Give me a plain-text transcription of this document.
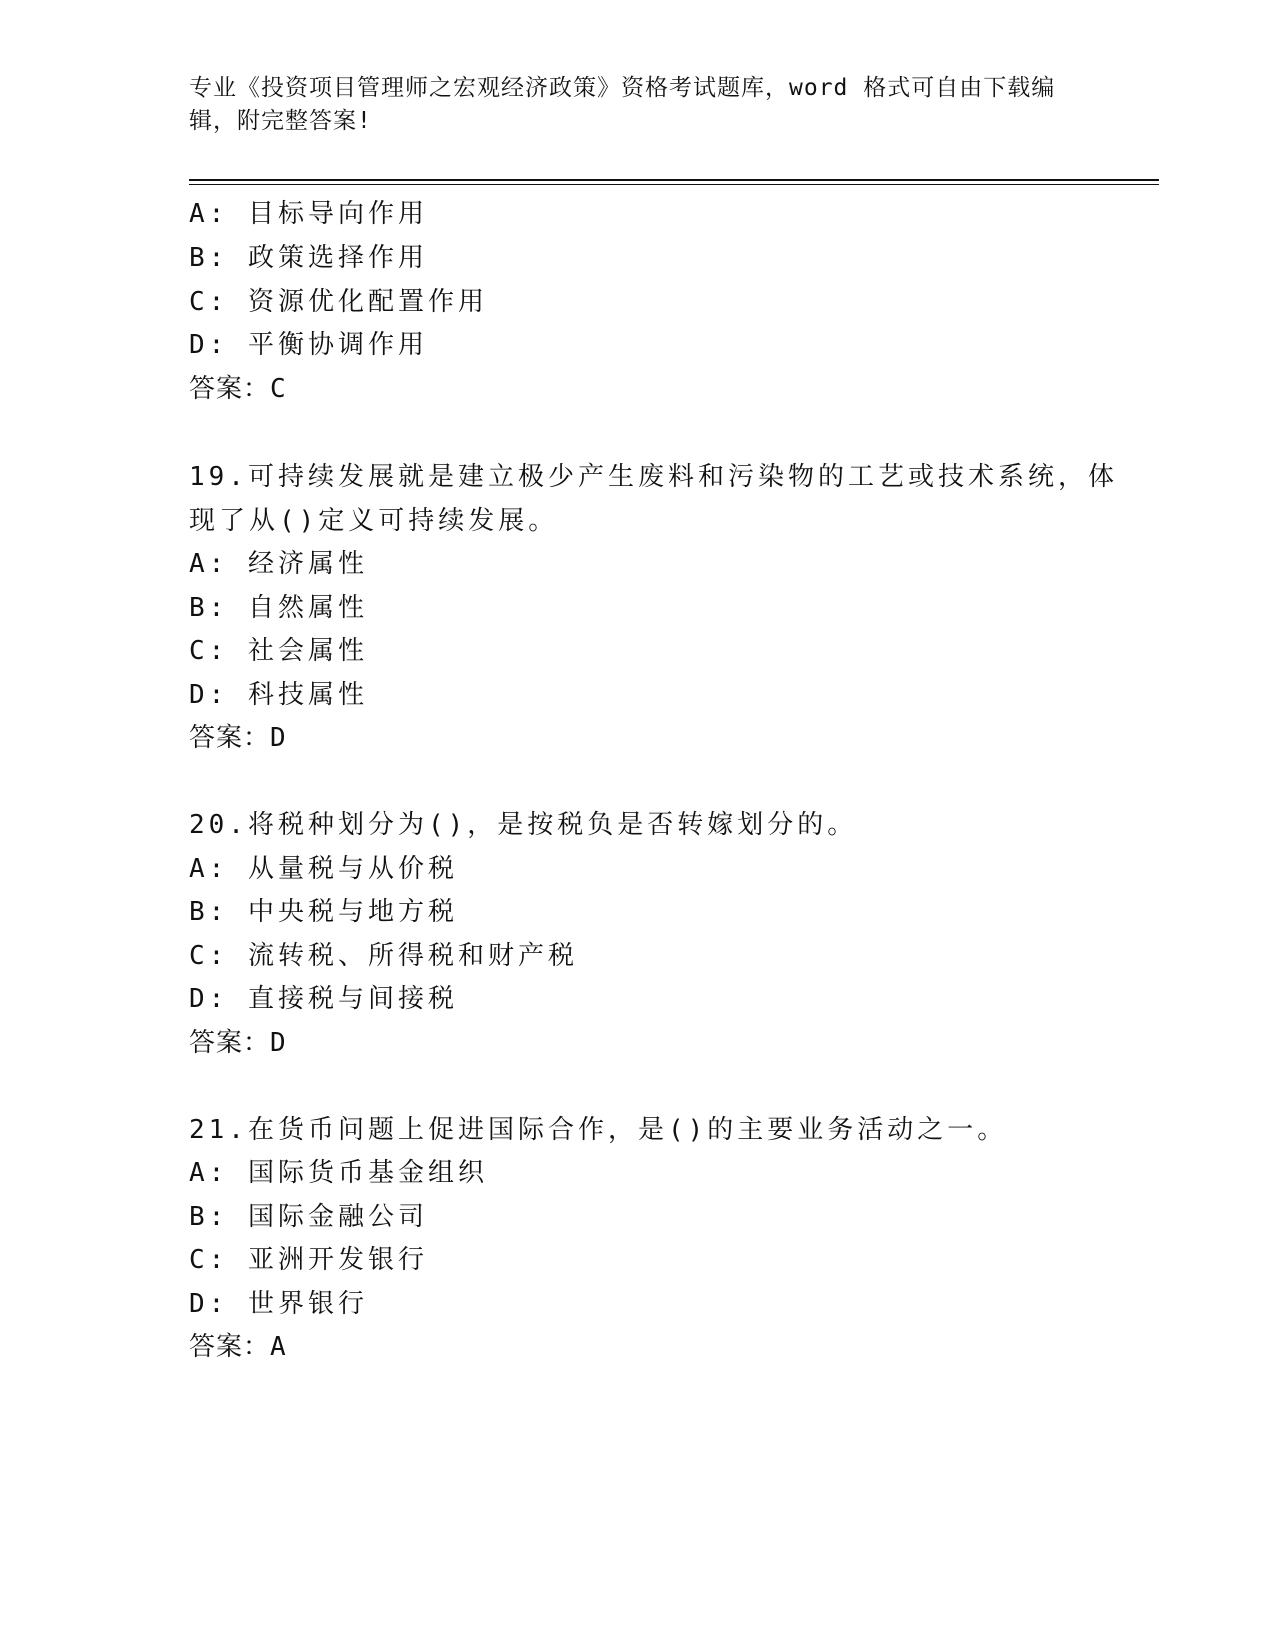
专业《投资项目管理师之宏观经济政策》资格考试题库，word 格式可自由下载编
辑，附完整答案!
A: 目标导向作用
B: 政策选择作用
C: 资源优化配置作用
D: 平衡协调作用
答案：C
19.可持续发展就是建立极少产生废料和污染物的工艺或技术系统，体
现了从()定义可持续发展。
A: 经济属性
B: 自然属性
C: 社会属性
D: 科技属性
答案：D
20.将税种划分为()，是按税负是否转嫁划分的。
A: 从量税与从价税
B: 中央税与地方税
C: 流转税、所得税和财产税
D: 直接税与间接税
答案：D
21.在货币问题上促进国际合作，是()的主要业务活动之一。
A: 国际货币基金组织
B: 国际金融公司
C: 亚洲开发银行
D: 世界银行
答案：A
